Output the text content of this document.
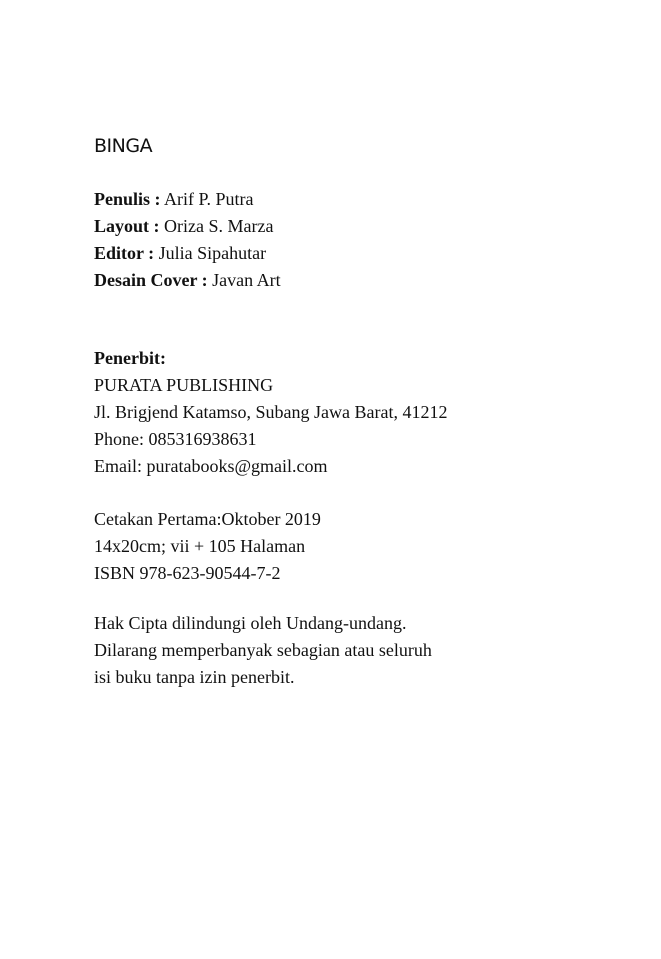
BINGA
Penulis : Arif P. Putra
Layout : Oriza S. Marza
Editor : Julia Sipahutar
Desain Cover : Javan Art
Penerbit:
PURATA PUBLISHING
Jl. Brigjend Katamso, Subang Jawa Barat, 41212
Phone: 085316938631
Email: puratabooks@gmail.com
Cetakan Pertama:Oktober 2019
14x20cm; vii + 105 Halaman
ISBN 978-623-90544-7-2
Hak Cipta dilindungi oleh Undang-undang.
Dilarang memperbanyak sebagian atau seluruh
isi buku tanpa izin penerbit.
